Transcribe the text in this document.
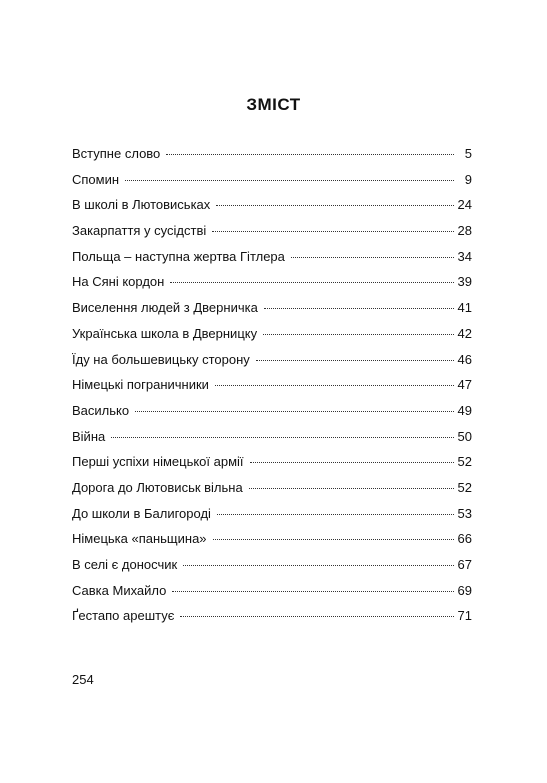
ЗМІСТ
Вступне слово	5
Спомин	9
В школі в Лютовиськах	24
Закарпаття у сусідстві	28
Польща – наступна жертва Гітлера	34
На Сяні кордон	39
Виселення людей з Дверничка	41
Українська школа в Дверницку	42
Їду на большевицьку сторону	46
Німецькі пограничники	47
Василько	49
Війна	50
Перші успіхи німецької армії	52
Дорога до Лютовиськ вільна	52
До школи в Балигороді	53
Німецька «паньщина»	66
В селі є доносчик	67
Савка Михайло	69
Ґестапо арештує	71
254
